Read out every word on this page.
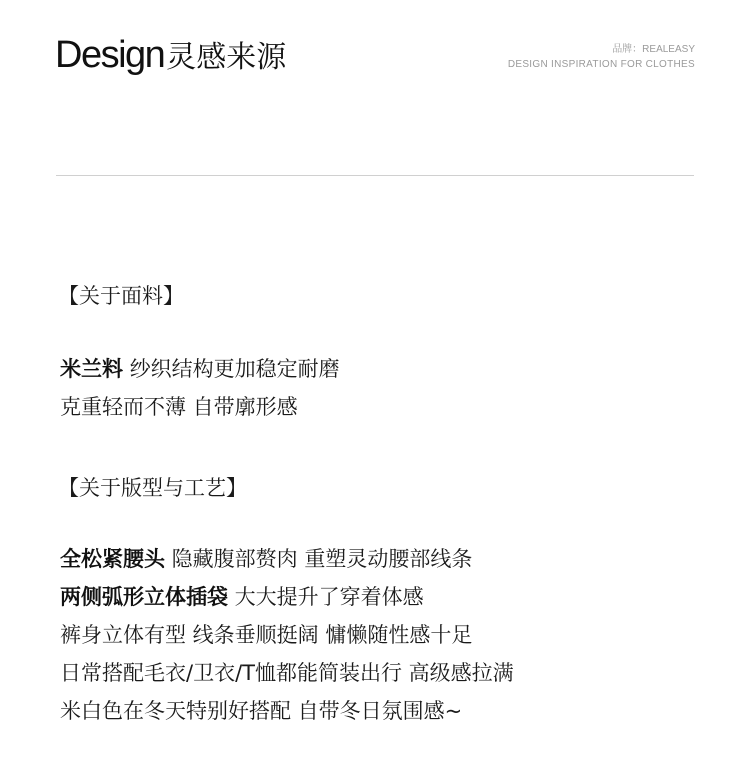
Design灵感来源	品牌：REALEASY
DESIGN INSPIRATION FOR CLOTHES
【关于面料】
米兰料 纱织结构更加稳定耐磨
克重轻而不薄 自带廓形感
【关于版型与工艺】
全松紧腰头 隐藏腹部赘肉 重塑灵动腰部线条
两侧弧形立体插袋 大大提升了穿着体感
裤身立体有型 线条垂顺挺阔 慵懒随性感十足
日常搭配毛衣/卫衣/T恤都能简装出行 高级感拉满
米白色在冬天特别好搭配 自带冬日氛围感~
